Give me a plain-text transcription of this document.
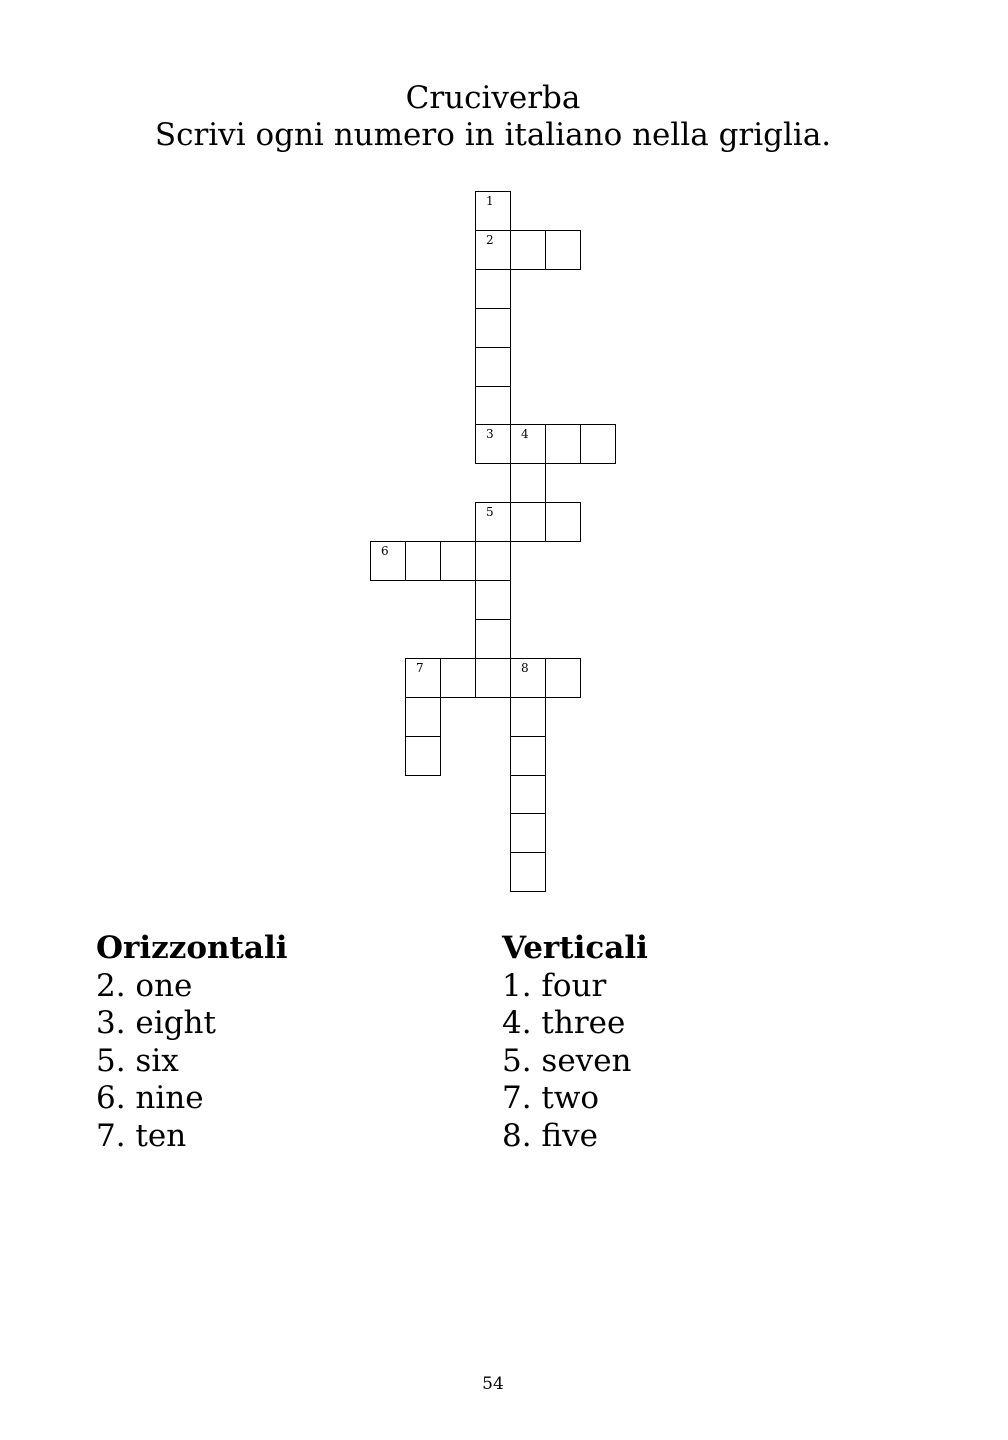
Cruciverba
Scrivi ogni numero in italiano nella griglia.
1
2
3 4
5
6
7	8
Orizzontali
2. one
3. eight
5. six
6. nine
7. ten
Verticali
1. four
4. three
5. seven
7. two
8. five
54
